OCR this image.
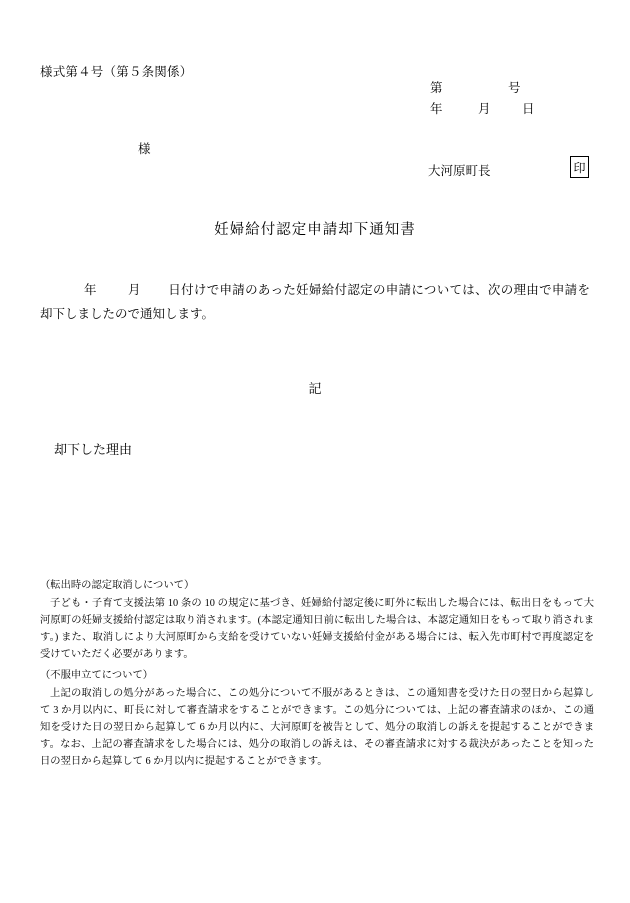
様式第４号（第５条関係）
第	号
年	月	日
様
大河原町長	印
妊婦給付認定申請却下通知書
年	月 日付けで申請のあった妊婦給付認定の申請については、次の理由で申請を却下しましたので通知します。
記
却下した理由

（転出時の認定取消しについて）

子ども・子育て支援法第 10 条の 10 の規定に基づき、妊婦給付認定後に町外に転出した場合には、転出日をもって大河原町の妊婦支援給付認定は取り消されます。(本認定通知日前に転出した場合は、本認定通知日をもって取り消されます。) また、取消しにより大河原町から支給を受けていない妊婦支援給付金がある場合には、転入先市町村で再度認定を受けていただく必要があります。

（不服申立てについて）

上記の取消しの処分があった場合に、この処分について不服があるときは、この通知書を受けた日の翌日から起算して 3 か月以内に、町長に対して審査請求をすることができます。この処分については、上記の審査請求のほか、この通知を受けた日の翌日から起算して 6 か月以内に、大河原町を被告として、処分の取消しの訴えを提起することができます。なお、上記の審査請求をした場合には、処分の取消しの訴えは、その審査請求に対する裁決があったことを知った日の翌日から起算して 6 か月以内に提起することができます。
